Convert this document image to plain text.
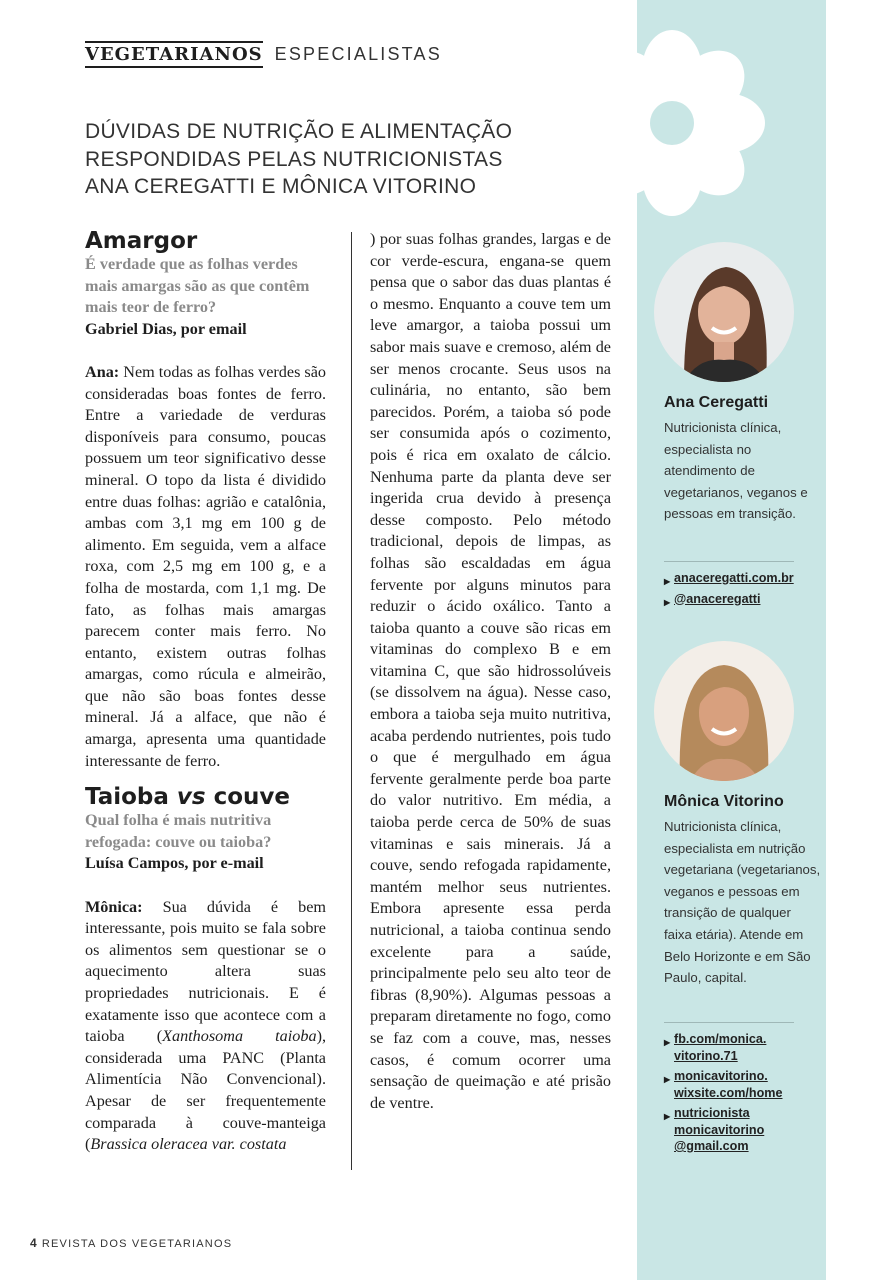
VEGETARIANOS ESPECIALISTAS
DÚVIDAS DE NUTRIÇÃO E ALIMENTAÇÃO
RESPONDIDAS PELAS NUTRICIONISTAS
ANA CEREGATTI E MÔNICA VITORINO
Amargor

É verdade que as folhas verdes mais amargas são as que contêm mais teor de ferro?

Gabriel Dias, por email

Ana: Nem todas as folhas verdes são consideradas boas fontes de ferro. Entre a variedade de verduras disponíveis para consumo, poucas possuem um teor significativo desse mineral. O topo da lista é dividido entre duas folhas: agrião e catalônia, ambas com 3,1 mg em 100 g de alimento. Em seguida, vem a alface roxa, com 2,5 mg em 100 g, e a folha de mostarda, com 1,1 mg. De fato, as folhas mais amargas parecem conter mais ferro. No entanto, existem outras folhas amargas, como rúcula e almeirão, que não são boas fontes desse mineral. Já a alface, que não é amarga, apresenta uma quantidade interessante de ferro.

Taioba vs couve

Qual folha é mais nutritiva refogada: couve ou taioba?

Luísa Campos, por e-mail

Mônica: Sua dúvida é bem interessante, pois muito se fala sobre os alimentos sem questionar se o aquecimento altera suas propriedades nutricionais. E é exatamente isso que acontece com a taioba (Xanthosoma taioba), considerada uma PANC (Planta Alimentícia Não Convencional). Apesar de ser frequentemente comparada à couve-manteiga (Brassica oleracea var. costata

) por suas folhas grandes, largas e de cor verde-escura, engana-se quem pensa que o sabor das duas plantas é o mesmo. Enquanto a couve tem um leve amargor, a taioba possui um sabor mais suave e cremoso, além de ser menos crocante. Seus usos na culinária, no entanto, são bem parecidos. Porém, a taioba só pode ser consumida após o cozimento, pois é rica em oxalato de cálcio. Nenhuma parte da planta deve ser ingerida crua devido à presença desse composto. Pelo método tradicional, depois de limpas, as folhas são escaldadas em água fervente por alguns minutos para reduzir o ácido oxálico. Tanto a taioba quanto a couve são ricas em vitaminas do complexo B e em vitamina C, que são hidrossolúveis (se dissolvem na água). Nesse caso, embora a taioba seja muito nutritiva, acaba perdendo nutrientes, pois tudo o que é mergulhado em água fervente geralmente perde boa parte do valor nutritivo. Em média, a taioba perde cerca de 50% de suas vitaminas e sais minerais. Já a couve, sendo refogada rapidamente, mantém melhor seus nutrientes. Embora apresente essa perda nutricional, a taioba continua sendo excelente para a saúde, principalmente pelo seu alto teor de fibras (8,90%). Algumas pessoas a preparam diretamente no fogo, como se faz com a couve, mas, nesses casos, é comum ocorrer uma sensação de queimação e até prisão de ventre.

Ana Ceregatti

Nutricionista clínica, especialista no atendimento de vegetarianos, veganos e pessoas em transição.

▶ anaceregatti.com.br
▶ @anaceregatti
Mônica Vitorino

Nutricionista clínica, especialista em nutrição vegetariana (vegetarianos, veganos e pessoas em transição de qualquer faixa etária). Atende em Belo Horizonte e em São Paulo, capital.

▶ fb.com/monica.
vitorino.71
▶ monicavitorino.
wixsite.com/home
▶ nutricionista
monicavitorino
@gmail.com
4 REVISTA DOS VEGETARIANOS
